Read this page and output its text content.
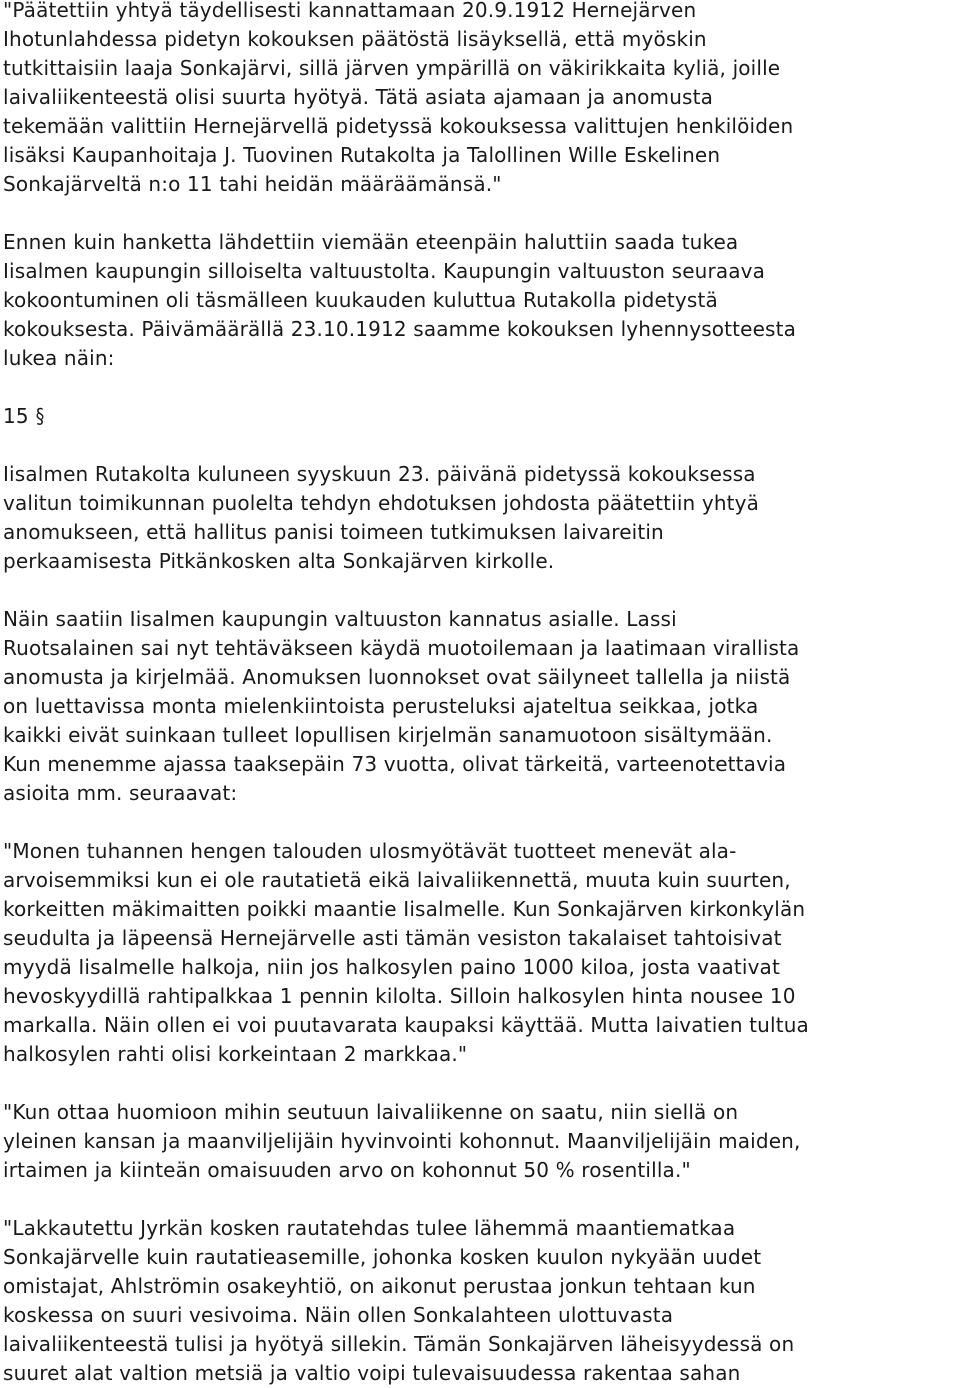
"Päätettiin yhtyä täydellisesti kannattamaan 20.9.1912 Hernejärven
Ihotunlahdessa pidetyn kokouksen päätöstä lisäyksellä, että myöskin
tutkittaisiin laaja Sonkajärvi, sillä järven ympärillä on väkirikkaita kyliä, joille
laivaliikenteestä olisi suurta hyötyä. Tätä asiata ajamaan ja anomusta
tekemään valittiin Hernejärvellä pidetyssä kokouksessa valittujen henkilöiden
lisäksi Kaupanhoitaja J. Tuovinen Rutakolta ja Talollinen Wille Eskelinen
Sonkajärveltä n:o 11 tahi heidän määräämänsä."
Ennen kuin hanketta lähdettiin viemään eteenpäin haluttiin saada tukea
Iisalmen kaupungin silloiselta valtuustolta. Kaupungin valtuuston seuraava
kokoontuminen oli täsmälleen kuukauden kuluttua Rutakolla pidetystä
kokouksesta. Päivämäärällä 23.10.1912 saamme kokouksen lyhennysotteesta
lukea näin:
15 §
Iisalmen Rutakolta kuluneen syyskuun 23. päivänä pidetyssä kokouksessa
valitun toimikunnan puolelta tehdyn ehdotuksen johdosta päätettiin yhtyä
anomukseen, että hallitus panisi toimeen tutkimuksen laivareitin
perkaamisesta Pitkänkosken alta Sonkajärven kirkolle.
Näin saatiin Iisalmen kaupungin valtuuston kannatus asialle. Lassi
Ruotsalainen sai nyt tehtäväkseen käydä muotoilemaan ja laatimaan virallista
anomusta ja kirjelmää. Anomuksen luonnokset ovat säilyneet tallella ja niistä
on luettavissa monta mielenkiintoista perusteluksi ajateltua seikkaa, jotka
kaikki eivät suinkaan tulleet lopullisen kirjelmän sanamuotoon sisältymään.
Kun menemme ajassa taaksepäin 73 vuotta, olivat tärkeitä, varteenotettavia
asioita mm. seuraavat:
"Monen tuhannen hengen talouden ulosmyötävät tuotteet menevät ala-
arvoisemmiksi kun ei ole rautatietä eikä laivaliikennettä, muuta kuin suurten,
korkeitten mäkimaitten poikki maantie Iisalmelle. Kun Sonkajärven kirkonkylän
seudulta ja läpeensä Hernejärvelle asti tämän vesiston takalaiset tahtoisivat
myydä Iisalmelle halkoja, niin jos halkosylen paino 1000 kiloa, josta vaativat
hevoskyydillä rahtipalkkaa 1 pennin kilolta. Silloin halkosylen hinta nousee 10
markalla. Näin ollen ei voi puutavarata kaupaksi käyttää. Mutta laivatien tultua
halkosylen rahti olisi korkeintaan 2 markkaa."
"Kun ottaa huomioon mihin seutuun laivaliikenne on saatu, niin siellä on
yleinen kansan ja maanviljelijäin hyvinvointi kohonnut. Maanviljelijäin maiden,
irtaimen ja kiinteän omaisuuden arvo on kohonnut 50 % rosentilla."
"Lakkautettu Jyrkän kosken rautatehdas tulee lähemmä maantiematkaa
Sonkajärvelle kuin rautatieasemille, johonka kosken kuulon nykyään uudet
omistajat, Ahlströmin osakeyhtiö, on aikonut perustaa jonkun tehtaan kun
koskessa on suuri vesivoima. Näin ollen Sonkalahteen ulottuvasta
laivaliikenteestä tulisi ja hyötyä sillekin. Tämän Sonkajärven läheisyydessä on
suuret alat valtion metsiä ja valtio voipi tulevaisuudessa rakentaa sahan
